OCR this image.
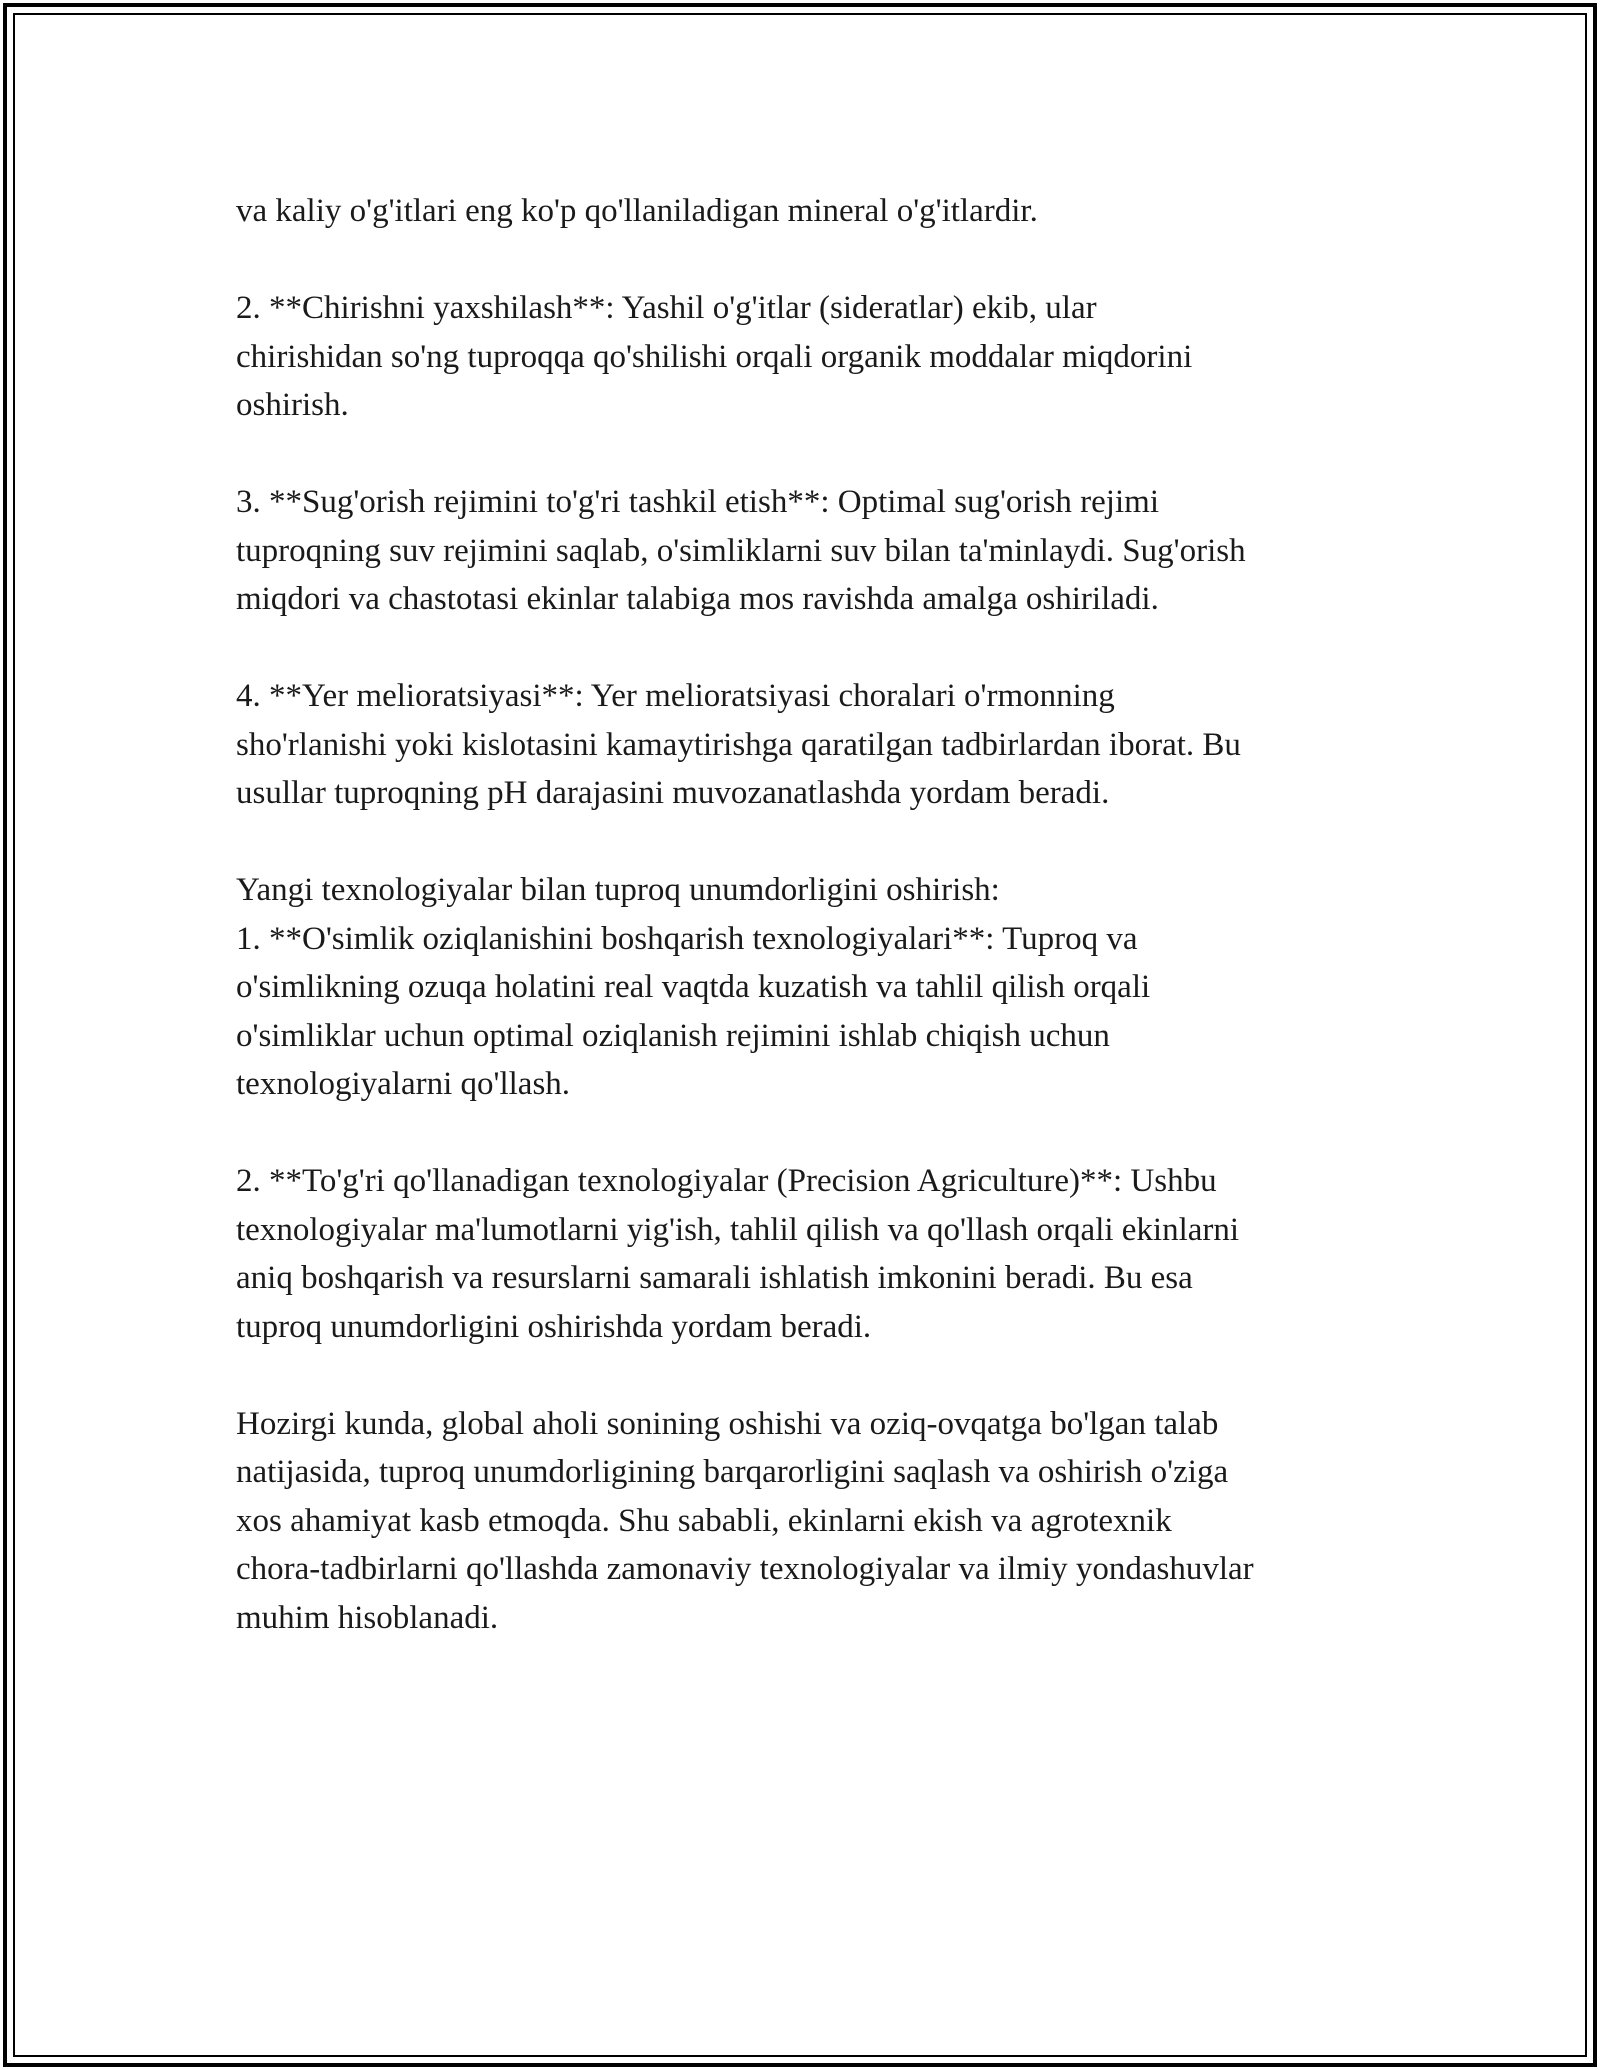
va kaliy o'g'itlari eng ko'p qo'llaniladigan mineral o'g'itlardir.

2. **Chirishni yaxshilash**: Yashil o'g'itlar (sideratlar) ekib, ular

chirishidan so'ng tuproqqa qo'shilishi orqali organik moddalar miqdorini

oshirish.

3. **Sug'orish rejimini to'g'ri tashkil etish**: Optimal sug'orish rejimi

tuproqning suv rejimini saqlab, o'simliklarni suv bilan ta'minlaydi. Sug'orish

miqdori va chastotasi ekinlar talabiga mos ravishda amalga oshiriladi.

4. **Yer melioratsiyasi**: Yer melioratsiyasi choralari o'rmonning

sho'rlanishi yoki kislotasini kamaytirishga qaratilgan tadbirlardan iborat. Bu

usullar tuproqning pH darajasini muvozanatlashda yordam beradi.

Yangi texnologiyalar bilan tuproq unumdorligini oshirish:

1. **O'simlik oziqlanishini boshqarish texnologiyalari**: Tuproq va

o'simlikning ozuqa holatini real vaqtda kuzatish va tahlil qilish orqali

o'simliklar uchun optimal oziqlanish rejimini ishlab chiqish uchun

texnologiyalarni qo'llash.

2. **To'g'ri qo'llanadigan texnologiyalar (Precision Agriculture)**: Ushbu

texnologiyalar ma'lumotlarni yig'ish, tahlil qilish va qo'llash orqali ekinlarni

aniq boshqarish va resurslarni samarali ishlatish imkonini beradi. Bu esa

tuproq unumdorligini oshirishda yordam beradi.

Hozirgi kunda, global aholi sonining oshishi va oziq-ovqatga bo'lgan talab

natijasida, tuproq unumdorligining barqarorligini saqlash va oshirish o'ziga

xos ahamiyat kasb etmoqda. Shu sababli, ekinlarni ekish va agrotexnik

chora-tadbirlarni qo'llashda zamonaviy texnologiyalar va ilmiy yondashuvlar

muhim hisoblanadi.
